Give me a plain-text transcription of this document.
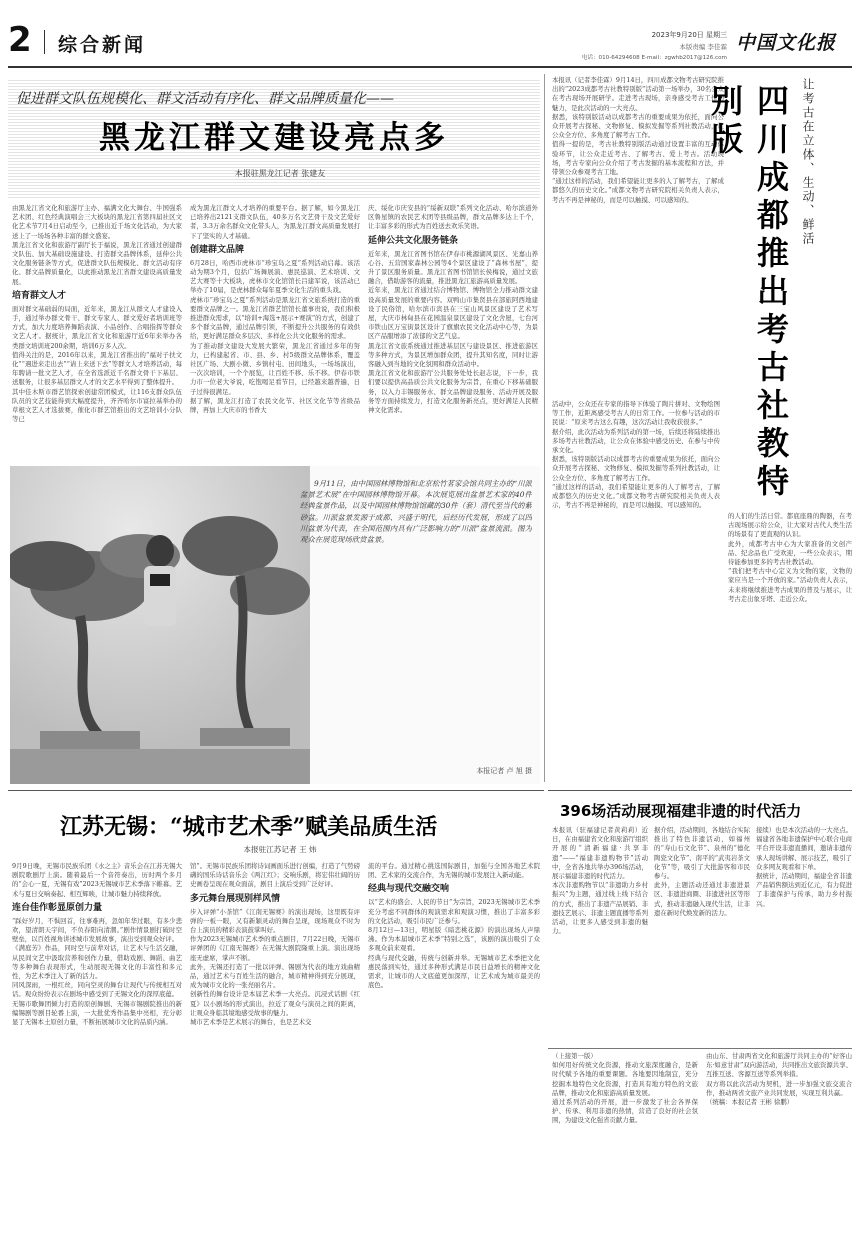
2 综合新闻	2023年9月20日 星期三
本版责编 李佳霖
电话：010-64294608 E-mail：zgwhb2017@126.com
中国文化报
促进群文队伍规模化、群文活动有序化、群文品牌质量化——
黑龙江群文建设亮点多
本报驻黑龙江记者 张建友

由黑龙江省文化和旅游厅主办、福满文化大舞台、牛国强系艺术团、红色经典演唱会三大板块的黑龙江省第四届社区文化艺术节7月4日启动至今，已推出近千场文化活动，为大家送上了一场场各种丰富的群文盛宴。

黑龙江省文化和旅游厅副厅长于福说，黑龙江省通过创建群文队伍、加大基础设施建设、打造群文品牌体系，延伸公共文化服务链条等方式，促进群文队伍规模化、群文活动有序化、群文品牌质量化，以此推动黑龙江省群文建设高质量发展。

培育群文人才

面对群文基础弱的局面，近年来，黑龙江从群文人才建设入手，通过举办群文骨干、群文专家人、群文爱好者培训班等方式，加大力度培养舞蹈表演、小品创作、合唱指挥等群众文艺人才。据统计，黑龙江省文化和旅游厅近6年来举办各类群文培训班200余期，培训6万多人次。

值得关注的是，2016年以来，黑龙江省推出的“福对子扶文化”“遇进来走出去”“请上来送下去”等群文人才培养活动，每年聘请一批文艺人才，在全省选派近千名群文骨干下基层、送服务，让很多基层群文人才的文艺水平得到了整体提升。

其中佳木斯市群艺馆探索创建常团模式，让116支群众队伍队员的文艺技能得到大幅度提升，齐齐哈尔市富拉基举办的草根文艺人才选拔赛，催化市群艺馆推出的文艺培训小分队等已

成为黑龙江群文人才培养的重要平台。据了解，如今黑龙江已培养出2121支群文队伍，40多万名文艺骨干及文艺爱好者，3.3万余名群众文化带头人，为黑龙江群文高质量发展打下了坚实的人才基础。

创建群文品牌

6月28日，哈西市虎林市“珍宝岛之夏”系列活动启幕。该活动为期3个月，包括广场舞展演、惠民巡演、艺术培训、文艺大赛等十大板块，虎林市文化馆馆长吕建军说，该活动已举办了10届，是虎林群众每年夏季文化生活的重头戏。

虎林市“珍宝岛之夏”系列活动是黑龙江省文旅系统打造的重要群文品牌之一。黑龙江省群艺馆馆长董事贵说，我们积极推进群众需求，以“培训+海选+展示+赛演”的方式，创建了多个群文品牌，通过品牌引领，不断提升公共服务的有效供给，更好满足群众多层次、多样化公共文化服务的需求。

为了推动群文建设大发展大繁荣，黑龙江省通过多年的努力，已构建起省、市、县、乡、村5级群文品牌体系，覆盖社区广场、大剧小微、乡镇村屯、田间地头，一场场演出，一次次培训，一个个展览，让百姓不移、乐不移。伊春市铁力市一位老大爷说，吃饱喝足看节目，已经越来越普遍，日子过得很满足。

据了解，黑龙江打造了农民文化节、社区文化节等省级品牌，再加上大庆市的书香大

庆、绥化市庆安县的“绥新双联”系列文化活动、哈尔滨道外区鲁星镇的农民艺术团等县级品牌，群文品牌多达上千个，让丰富多彩的形式为百姓送去欢乐笑语。

延伸公共文化服务链条

近年来，黑龙江省图书馆在伊春市桃源湖风景区、光嘉山养心谷、五营国家森林公园等4个景区建设了“森林书屋”，提升了景区服务质量。黑龙江省图书馆馆长侯梅说，通过文旅融合，借助游客的流量，推进黑龙江旅游高质量发展。

近年来，黑龙江省通过结合博物馆、博物馆全力推动群文建设高质量发展的重要内容。双鸭山市集贤县在部旅阿西地建设了民俗馆，哈尔滨市宾县在三宝山风景区建设了艺术写屋，大庆市林甸县在花园温泉景区建设了文化舍屋，七台河市铁山区万宝街景区设计了旗旗农民文化活动中心等，为景区产品服增添了浓郁的文艺气息。

黑龙江省文旅系统通过推进基层区与建设景区、推进旅游区等多种方式，为景区增加群众团，提升其知名度，同时让游客融入到当地的文化氛围和群众活动中。

黑龙江省文化和旅游厅公共服务处处长赵志说，下一步，我们要以提供高品质公共文化服务为宗旨，在重心下移基础服务，以入力丰锡服务水、群文品牌建设服务、活动开展及服务等方面持续发力，打造文化服务新亮点，更好满足人民精神文化需求。

9月11日，由中国园林博物馆和北京松竹茗家会馆共同主办的“川派盆景艺术展”在中国园林博物馆开幕。本次展览展出盆景艺术家的40件经典盆景作品，以及中国园林博物馆馆藏的30件（套）清代至当代的紫砂盆。川派盆景发源于成都、兴盛于明代，后经历代发展，形成了以四川盆景为代表，在全国范围内具有广泛影响力的“川派”盆景流派。图为观众在展览现场欣赏盆景。
本报记者 卢 旭 摄

本报讯（记者李佳霖）9月14日，四川成都文物考古研究院推出的“2023成都考古社教特别版”活动第一场举办，30名公众在考古现场开展研学。走进考古现场，亲身感受考古工作的魅力，是此次活动的一大亮点。

据悉，该特别版活动以成都考古的重要成果为依托，面向公众开展考古探秘、文物修复、模拟发掘等系列社教活动，让公众全方位、多角度了解考古工作。

值得一提的是，考古社教特别版活动通过设置丰富的互动体验环节，让公众走近考古、了解考古、爱上考古。活动现场，考古专家向公众介绍了考古发掘的基本流程和方法，并带领公众参观考古工地。

“通过这样的活动，我们希望能让更多的人了解考古，了解成都悠久的历史文化。”成都文物考古研究院相关负责人表示，考古不再是神秘的，而是可以触摸、可以感知的。	让考古在立体、生动、鲜活
四川成都推出考古社教特别版

活动中，公众还在专家的指导下体验了陶片拼对、文物绘图等工作，近距离感受考古人的日常工作。一位参与活动的市民说：“原来考古这么有趣，这次活动让我收获很多。”

据介绍，此次活动为系列活动的第一场，后续还将陆续推出多场考古社教活动，让公众在体验中感受历史、在参与中传承文化。

据悉，该特别版活动以成都考古的重要成果为依托，面向公众开展考古探秘、文物修复、模拟发掘等系列社教活动，让公众全方位、多角度了解考古工作。

“通过这样的活动，我们希望能让更多的人了解考古，了解成都悠久的历史文化。”成都文物考古研究院相关负责人表示，考古不再是神秘的，而是可以触摸、可以感知的。

的人们的生活日常。都底座鼎的陶器，在考古现场展示给公众，让大家对古代人类生活的场景有了更直观的认识。

此外，成都考古中心为大家准备的文创产品、纪念品也广受欢迎，一些公众表示，期待能参加更多的考古社教活动。

“我们把考古中心定义为文物的家，文物的家应当是一个开放的家。”活动负责人表示，未来将继续推进考古成果的普及与展示，让考古走出象牙塔、走近公众。

江苏无锡：“城市艺术季”赋美品质生活
本报驻江苏记者 王 炜

9月9日晚，无锡市民族乐团《水之主》音乐会在江苏无锡大剧院歌剧厅上演。随着最后一个音符奏出，历时两个多月的“会心一夏，无锡有戏”2023无锡城市艺术季落下帷幕。艺术与夏日交响奏起、相互辉映，让城市魅力持续释放。

连台佳作彰显原创力量

“踩好岁月，不惧回首，往事难再，忽如年华过眼，有多少悲欢，望清朗天宇间，不负春阳向清潮。”剧作情景剧打破时空壁垒，以百姓视角讲述城市发展故事，演出受到观众好评。

《满庭芳》作品，同时空与前辈对话，让艺术与生活交融，从民间文艺中汲取营养和创作力量，借助戏剧、舞蹈、曲艺等多种舞台表现形式，生动展现无锡文化的丰富性和多元性，为艺术季注入了新的活力。

同风深雨，一根红丝，同向空灵的舞台让现代与传统相互对话。观众纷纷表示在剧场中感受到了无锡文化的深厚底蕴。

无锡市歌舞团倾力打造的原创舞剧、无锡市锡剧院推出的新编锡剧等剧目轮番上演，一大批优秀作品集中亮相，充分彰显了无锡本土原创力量，不断拓展城市文化的品质内涵。

馆”。无锡市民族乐团将诗词画面乐进行创编，打造了气势磅礴的国乐诗话音乐会《两江红》；交响乐剧，将宏伟壮阔的历史画卷呈现在观众面前，剧目上演后受到广泛好评。

多元舞台展现别样风情

步入评弹“小茶馆”《江南无锡赛》的演出现场，这里既有评弹的一板一眼，又有新颖灵动的舞台呈现，现场观众不时为台上演员的精彩表演鼓掌叫好。

作为2023无锡城市艺术季的重点剧目，7月22日晚，无锡市评弹团的《江南无锡赛》在无锡大剧院隆重上演。演出现场座无虚席，掌声不断。

此外，无锡还打造了一批以评弹、锡剧为代表的地方戏曲精品，通过艺术与百姓生活的融合，城市精神得到充分展现，成为城市文化的一张亮丽名片。

创新性的舞台设计是本届艺术季一大亮点。沉浸式话剧《红夏》以小剧场的形式演出，拉近了观众与演员之间的距离，让观众身临其境地感受故事的魅力。

城市艺术季是艺术展示的舞台，也是艺术交

流的平台。通过精心挑选国际剧目，加强与全国各地艺术院团、艺术家的交流合作，为无锡的城市发展注入新动能。

经典与现代交融交响

以“艺术的盛会、人民的节日”为宗旨，2023无锡城市艺术季充分考虑不同群体的观演需求和观演习惯，推出了丰富多彩的文化活动，吸引市民广泛参与。

8月12日—13日，明星版《暗恋桃花源》的演出现场人声鼎沸。作为本届城市艺术季“特别之选”，该剧的演出吸引了众多观众前来观看。

经典与现代交融，传统与创新并举。无锡城市艺术季把文化惠民落到实处，通过多种形式满足市民日益增长的精神文化需求，让城市的人文底蕴更加深厚，让艺术成为城市最美的底色。

396场活动展现福建非遗的时代活力

本报讯（驻福建记者黄莉莉）近日，在由福建省文化和旅游厅组织开展的“清新福建·共享非遗”——“福建非遗购物节”活动中，全省各地共举办396场活动，展示福建非遗的时代活力。

本次非遗购物节以“非遗助力乡村振兴”为主题，通过线上线下结合的方式，推出了非遗产品展销、非遗技艺展示、非遗主题直播等系列活动，让更多人感受到非遗的魅力。

据介绍，活动期间，各地结合实际推出了特色非遗活动，如福州的“寿山石文化节”、泉州的“德化陶瓷文化节”、南平的“武夷岩茶文化节”等，吸引了大批游客和市民参与。

此外，主题活动还通过非遗进景区、非遗进商圈、非遗进社区等形式，推动非遗融入现代生活，让非遗在新时代焕发新的活力。

接续）也是本次活动的一大亮点。福建省各地非遗保护中心联合电商平台开设非遗直播间，邀请非遗传承人现场讲解、展示技艺，吸引了众多网友观看和下单。

据统计，活动期间，福建全省非遗产品销售额达到近亿元，有力促进了非遗保护与传承，助力乡村振兴。

（上接第一版）

如何用好传统文化资源，推动文旅深度融合，是新时代赋予各地的重要课题。各地要因地制宜，充分挖掘本地特色文化资源，打造具有地方特色的文旅品牌，推动文化和旅游高质量发展。

通过系列活动的开展，进一步激发了社会各界保护、传承、利用非遗的热情，营造了良好的社会氛围，为建设文化强省贡献力量。

由山东、甘肃两省文化和旅游厅共同主办的“好客山东·如意甘肃”双向游活动，共同推出文旅资源共享、互推互送、客源互送等系列举措。

双方将以此次活动为契机，进一步加强文旅交流合作，推动两省文旅产业共同发展，实现互利共赢。

（统稿：本报记者 王彬 徐鹏）
